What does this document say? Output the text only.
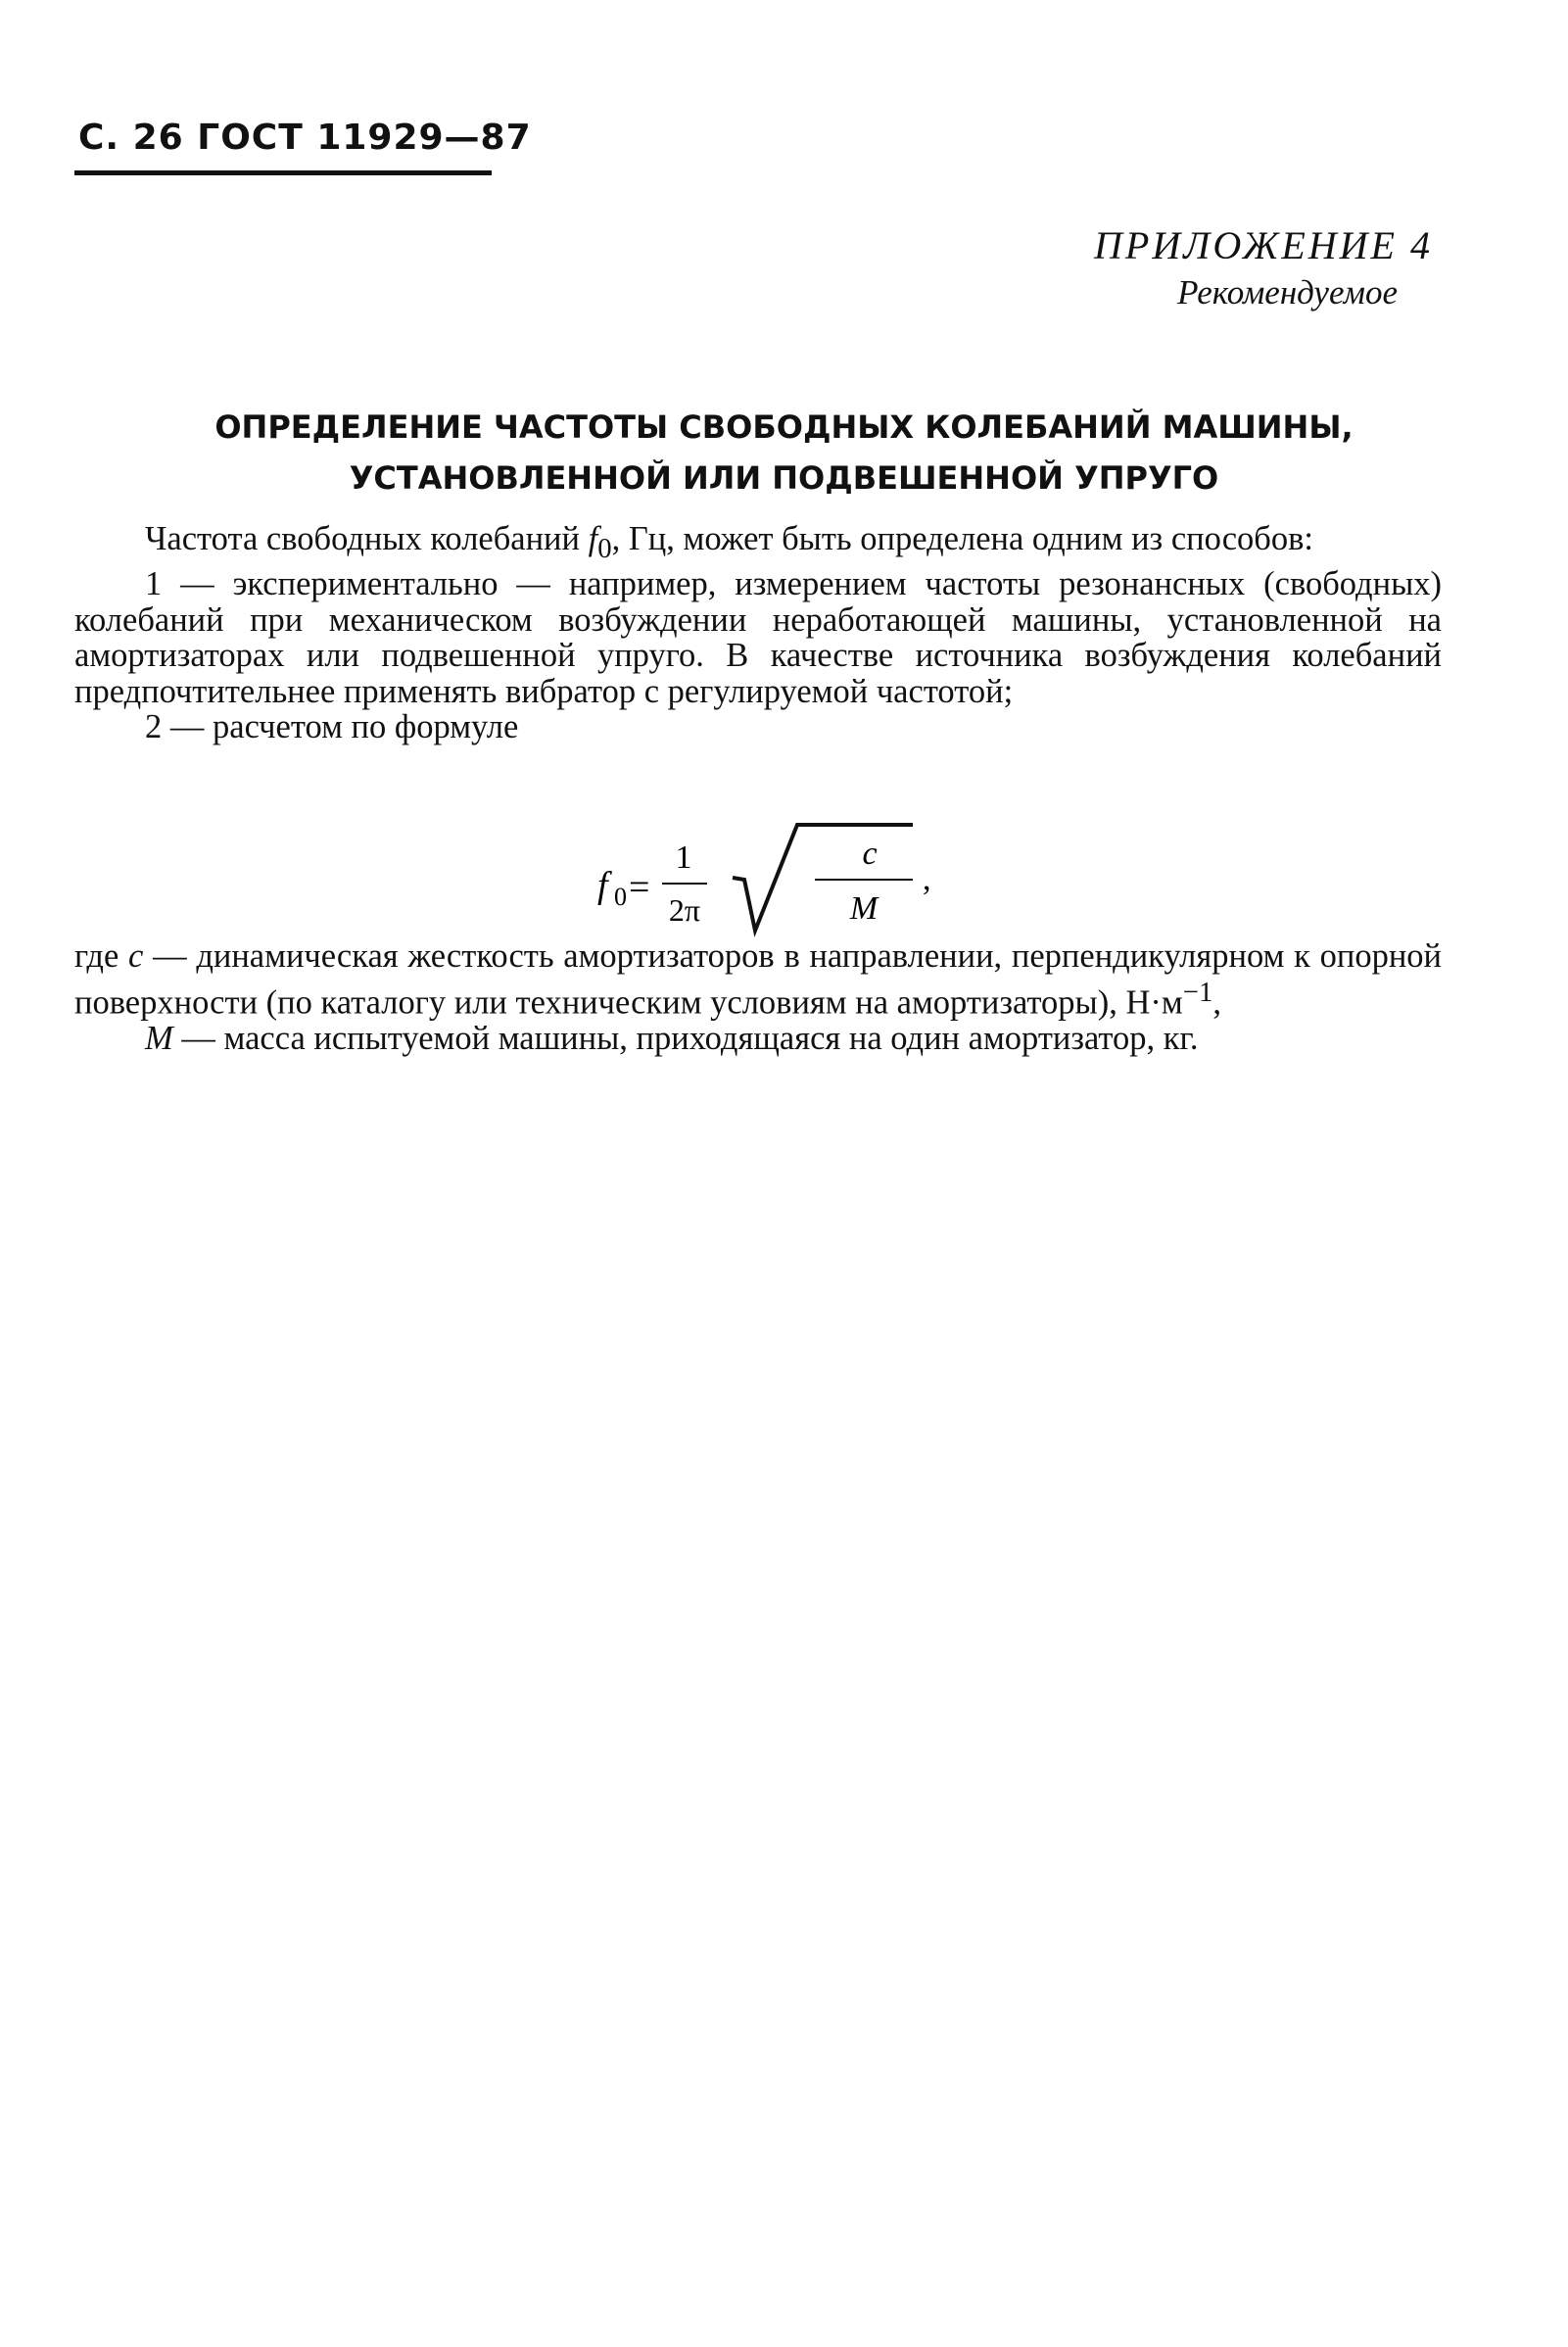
С. 26 ГОСТ 11929—87
ПРИЛОЖЕНИЕ 4
Рекомендуемое
ОПРЕДЕЛЕНИЕ ЧАСТОТЫ СВОБОДНЫХ КОЛЕБАНИЙ МАШИНЫ,
УСТАНОВЛЕННОЙ ИЛИ ПОДВЕШЕННОЙ УПРУГО

Частота свободных колебаний $f_0$, Гц, может быть определена одним из способов:

1 — экспериментально — например, измерением частоты резонансных (свободных) колебаний при механическом возбуждении неработающей машины, установленной на амортизаторах или подвешенной упруго. В качестве источника возбуждения колебаний предпочтительнее применять вибратор с регулируемой частотой;

2 — расчетом по формуле

f 0 =
1
2π
c
M
,

где c — динамическая жесткость амортизаторов в направлении, перпендикулярном к опорной поверхности (по каталогу или техническим условиям на амортизаторы), $Н\cdot м^{-1}$,

M — масса испытуемой машины, приходящаяся на один амортизатор, кг.
